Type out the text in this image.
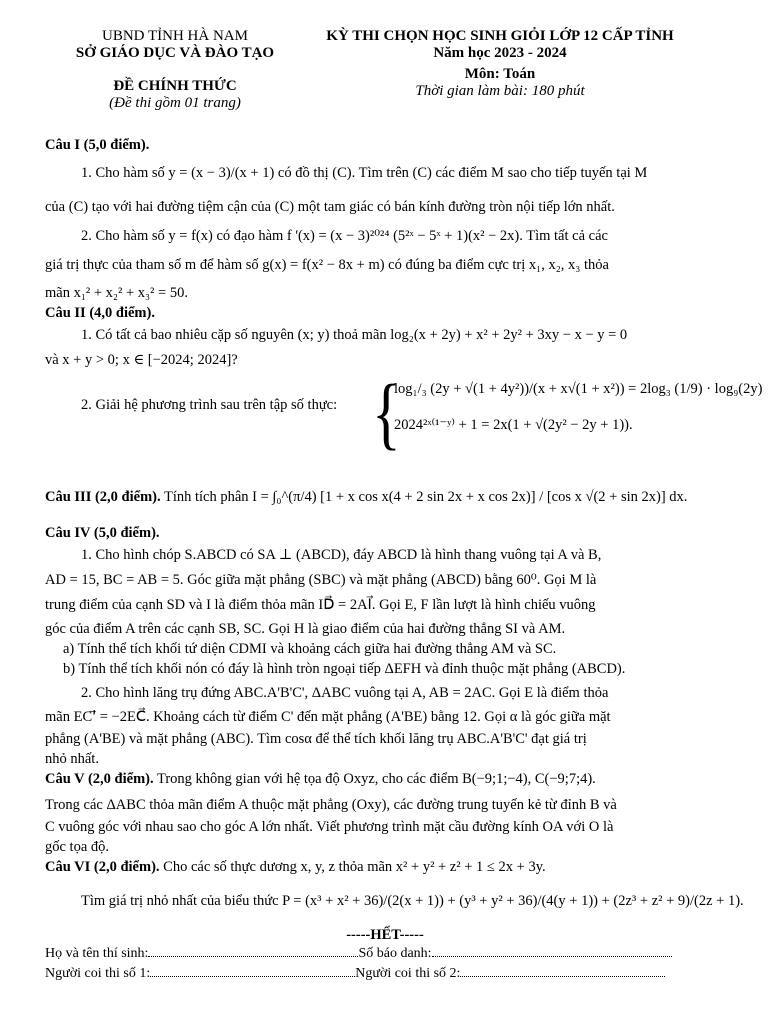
UBND TỈNH HÀ NAM
SỞ GIÁO DỤC VÀ ĐÀO TẠO
ĐỀ CHÍNH THỨC
(Đề thi gồm 01 trang)
KỲ THI CHỌN HỌC SINH GIỎI LỚP 12 CẤP TỈNH
Năm học 2023 - 2024
Môn: Toán
Thời gian làm bài: 180 phút
Câu I (5,0 điểm).
1. Cho hàm số y = (x − 3)/(x + 1) có đồ thị (C). Tìm trên (C) các điểm M sao cho tiếp tuyến tại M
của (C) tạo với hai đường tiệm cận của (C) một tam giác có bán kính đường tròn nội tiếp lớn nhất.
2. Cho hàm số y = f(x) có đạo hàm f '(x) = (x − 3)²⁰²⁴ (5²ˣ − 5ˣ + 1)(x² − 2x). Tìm tất cả các
giá trị thực của tham số m để hàm số g(x) = f(x² − 8x + m) có đúng ba điểm cực trị x₁, x₂, x₃ thỏa
mãn x₁² + x₂² + x₃² = 50.
Câu II (4,0 điểm).
1. Có tất cả bao nhiêu cặp số nguyên (x; y) thoả mãn log₂(x + 2y) + x² + 2y² + 3xy − x − y = 0
và x + y > 0; x ∈ [−2024; 2024]?
2. Giải hệ phương trình sau trên tập số thực: {
log₁/₃ (2y + √(1 + 4y²))/(x + x√(1 + x²)) = 2log₃ (1/9) · log₉(2y)
2024²ˣ⁽¹⁻ʸ⁾ + 1 = 2x(1 + √(2y² − 2y + 1)).
Câu III (2,0 điểm). Tính tích phân I = ∫₀^(π/4) [1 + x cos x(4 + 2 sin 2x + x cos 2x)] / [cos x √(2 + sin 2x)] dx.
Câu IV (5,0 điểm).
1. Cho hình chóp S.ABCD có SA ⊥ (ABCD), đáy ABCD là hình thang vuông tại A và B,
AD = 15, BC = AB = 5. Góc giữa mặt phẳng (SBC) và mặt phẳng (ABCD) bằng 60⁰. Gọi M là
trung điểm của cạnh SD và I là điểm thỏa mãn ID⃗ = 2AI⃗. Gọi E, F lần lượt là hình chiếu vuông
góc của điểm A trên các cạnh SB, SC. Gọi H là giao điểm của hai đường thẳng SI và AM.
a) Tính thể tích khối tứ diện CDMI và khoảng cách giữa hai đường thẳng AM và SC.
b) Tính thể tích khối nón có đáy là hình tròn ngoại tiếp ΔEFH và đỉnh thuộc mặt phẳng (ABCD).
2. Cho hình lăng trụ đứng ABC.A'B'C', ΔABC vuông tại A, AB = 2AC. Gọi E là điểm thỏa
mãn EC'⃗ = −2EC⃗. Khoảng cách từ điểm C' đến mặt phẳng (A'BE) bằng 12. Gọi α là góc giữa mặt
phẳng (A'BE) và mặt phẳng (ABC). Tìm cosα để thể tích khối lăng trụ ABC.A'B'C' đạt giá trị
nhỏ nhất.
Câu V (2,0 điểm). Trong không gian với hệ tọa độ Oxyz, cho các điểm B(−9;1;−4), C(−9;7;4).
Trong các ΔABC thỏa mãn điểm A thuộc mặt phẳng (Oxy), các đường trung tuyến kẻ từ đỉnh B và
C vuông góc với nhau sao cho góc A lớn nhất. Viết phương trình mặt cầu đường kính OA với O là
gốc tọa độ.
Câu VI (2,0 điểm). Cho các số thực dương x, y, z thỏa mãn x² + y² + z² + 1 ≤ 2x + 3y.
Tìm giá trị nhỏ nhất của biểu thức P = (x³ + x² + 36)/(2(x + 1)) + (y³ + y² + 36)/(4(y + 1)) + (2z³ + z² + 9)/(2z + 1).
-----HẾT-----
Họ và tên thí sinh:	Số báo danh:
Người coi thi số 1:	Người coi thi số 2:
